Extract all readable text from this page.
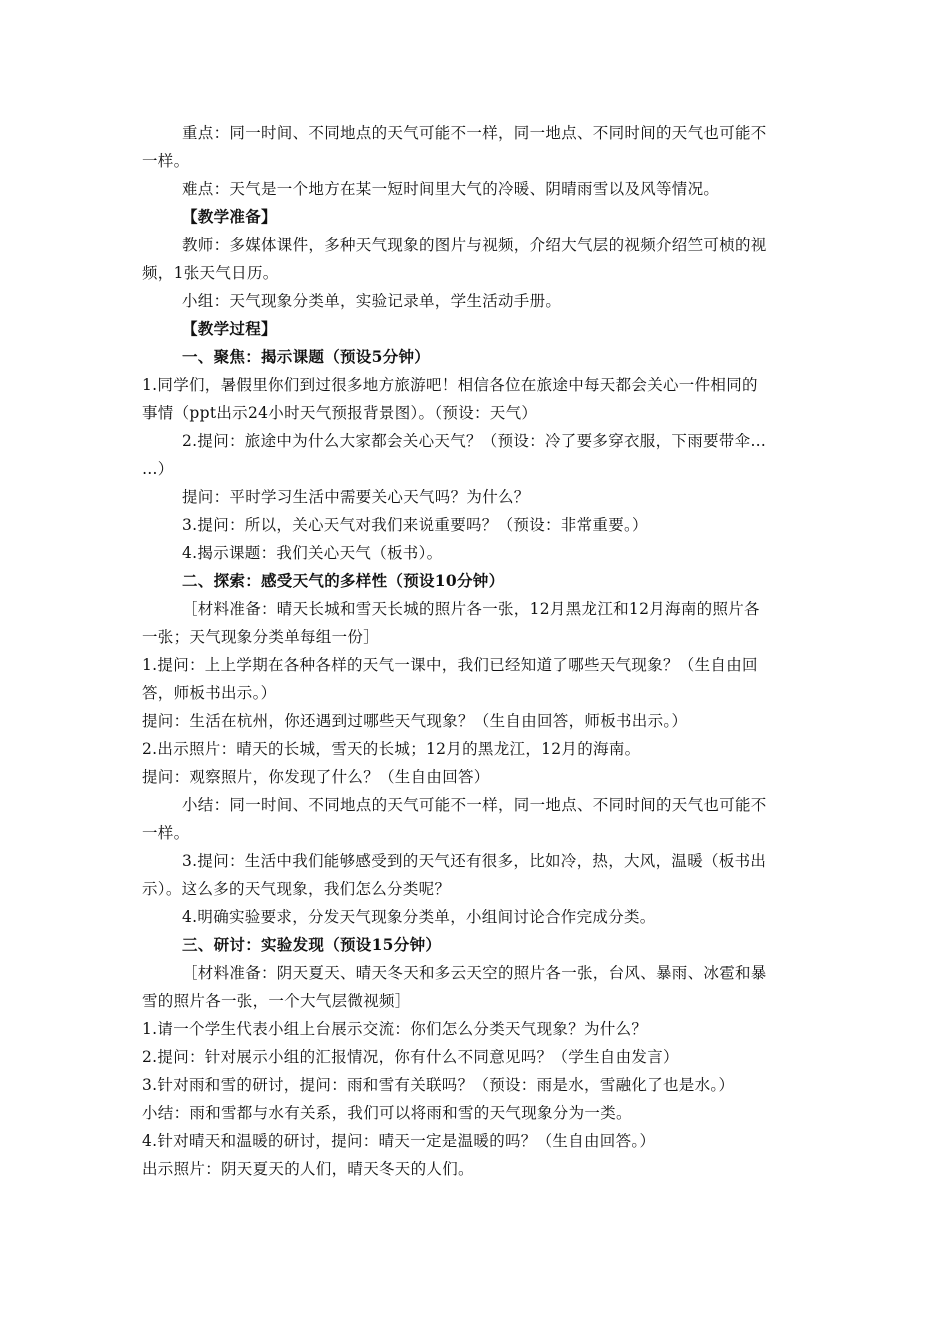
重点：同一时间、不同地点的天气可能不一样，同一地点、不同时间的天气也可能不
一样。
难点：天气是一个地方在某一短时间里大气的冷暖、阴晴雨雪以及风等情况。
【教学准备】
教师：多媒体课件，多种天气现象的图片与视频，介绍大气层的视频介绍竺可桢的视
频，1张天气日历。
小组：天气现象分类单，实验记录单，学生活动手册。
【教学过程】
一、聚焦：揭示课题（预设5分钟）
1.同学们，暑假里你们到过很多地方旅游吧！相信各位在旅途中每天都会关心一件相同的
事情（ppt出示24小时天气预报背景图）。（预设：天气）
2.提问：旅途中为什么大家都会关心天气？（预设：冷了要多穿衣服，下雨要带伞…
…）
提问：平时学习生活中需要关心天气吗？为什么？
3.提问：所以，关心天气对我们来说重要吗？（预设：非常重要。）
4.揭示课题：我们关心天气（板书）。
二、探索：感受天气的多样性（预设10分钟）
［材料准备：晴天长城和雪天长城的照片各一张，12月黑龙江和12月海南的照片各
一张；天气现象分类单每组一份］
1.提问：上上学期在各种各样的天气一课中，我们已经知道了哪些天气现象？（生自由回
答，师板书出示。）
提问：生活在杭州，你还遇到过哪些天气现象？（生自由回答，师板书出示。）
2.出示照片：晴天的长城，雪天的长城；12月的黑龙江，12月的海南。
提问：观察照片，你发现了什么？（生自由回答）
小结：同一时间、不同地点的天气可能不一样，同一地点、不同时间的天气也可能不
一样。
3.提问：生活中我们能够感受到的天气还有很多，比如冷，热，大风，温暖（板书出
示）。这么多的天气现象，我们怎么分类呢？
4.明确实验要求，分发天气现象分类单，小组间讨论合作完成分类。
三、研讨：实验发现（预设15分钟）
［材料准备：阴天夏天、晴天冬天和多云天空的照片各一张，台风、暴雨、冰雹和暴
雪的照片各一张，一个大气层微视频］
1.请一个学生代表小组上台展示交流：你们怎么分类天气现象？为什么？
2.提问：针对展示小组的汇报情况，你有什么不同意见吗？（学生自由发言）
3.针对雨和雪的研讨，提问：雨和雪有关联吗？（预设：雨是水，雪融化了也是水。）
小结：雨和雪都与水有关系，我们可以将雨和雪的天气现象分为一类。
4.针对晴天和温暖的研讨，提问：晴天一定是温暖的吗？（生自由回答。）
出示照片：阴天夏天的人们，晴天冬天的人们。
